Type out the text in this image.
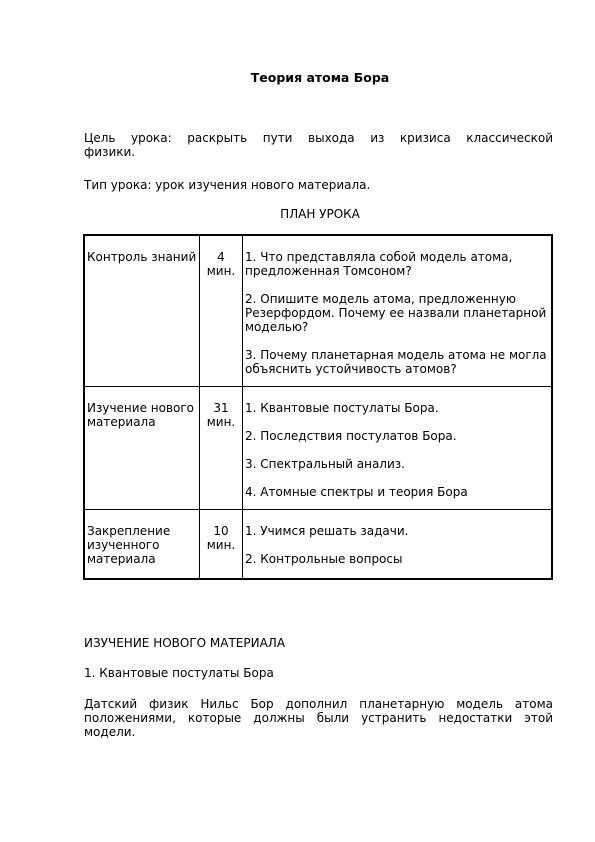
Теория атома Бора
Цель урока: раскрыть пути выхода из кризиса классической физики.
Тип урока: урок изучения нового материала.
ПЛАН УРОКА
Контроль знаний	4 мин.	1. Что представляла собой модель атома, предложенная Томсоном?
2. Опишите модель атома, предложенную Резерфордом. Почему ее назвали планетарной моделью?
3. Почему планетарная модель атома не могла объяснить устойчивость атомов?

Изучение нового материала	31 мин.	1. Квантовые постулаты Бора.
2. Последствия постулатов Бора.
3. Спектральный анализ.
4. Атомные спектры и теория Бора

Закрепление изученного материала	10 мин.	1. Учимся решать задачи.
2. Контрольные вопросы
ИЗУЧЕНИЕ НОВОГО МАТЕРИАЛА
1. Квантовые постулаты Бора
Датский физик Нильс Бор дополнил планетарную модель атома положениями, которые должны были устранить недостатки этой модели.
